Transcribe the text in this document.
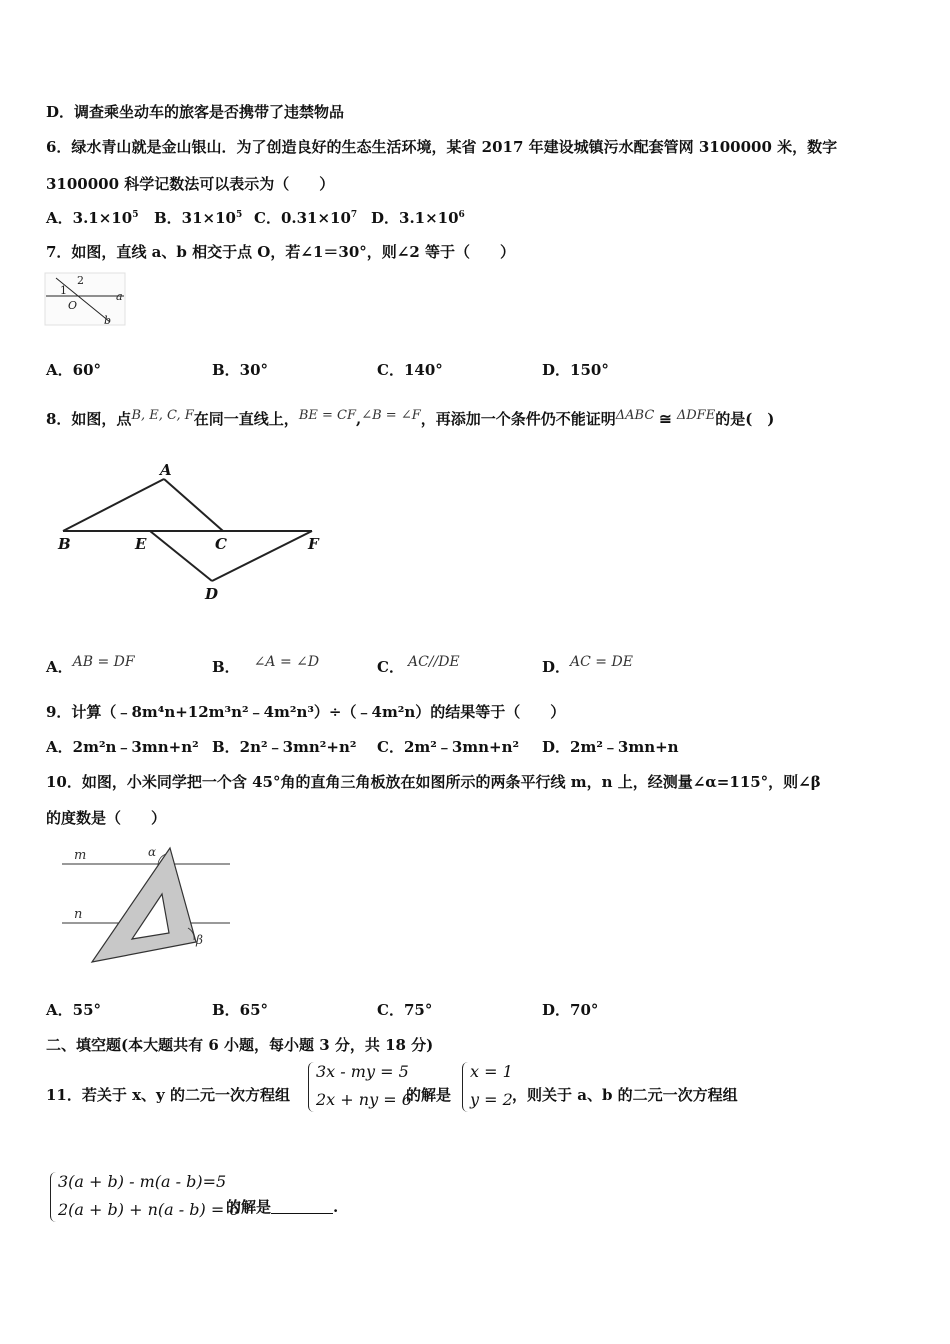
D．调查乘坐动车的旅客是否携带了违禁物品
6．绿水青山就是金山银山．为了创造良好的生态生活环境，某省 2017 年建设城镇污水配套管网 3100000 米，数字
3100000 科学记数法可以表示为（　　）
A．$3.1\times 10^5$ B．$31\times 10^5$ C．$0.31\times 10^7$ D．$3.1\times 10^6$
7．如图，直线 a、b 相交于点 O，若∠1＝30°，则∠2 等于（　　）
1
2
O
a
b
A．60°	B．30°	C．140°	D．150°
8．如图，点B, E, C, F在同一直线上，BE = CF,∠B = ∠F，再添加一个条件仍不能证明ΔABC ≅ ΔDFE的是(　)
A
B	E	C	F
D
A．AB = DF	B． ∠A = ∠D	C． AC//DE	D．AC = DE
9．计算（﹣8m⁴n+12m³n²﹣4m²n³）÷（﹣4m²n）的结果等于（　　）
A．2m²n﹣3mn+n² B．2n²﹣3mn²+n² C．2m²﹣3mn+n² D．2m²﹣3mn+n
10．如图，小米同学把一个含 45°角的直角三角板放在如图所示的两条平行线 m，n 上，经测量∠α=115°，则∠β
的度数是（　　）
m
n
α
β
A．55°	B．65°	C．75°	D．70°
二、填空题(本大题共有 6 小题，每小题 3 分，共 18 分)
11．若关于 x、y 的二元一次方程组
3x - my = 5
2x + ny = 6
的解是
x = 1
y = 2 ，则关于 a、b 的二元一次方程组
3(a + b) - m(a - b)=5
2(a + b) + n(a - b) = 6
的解是	.
